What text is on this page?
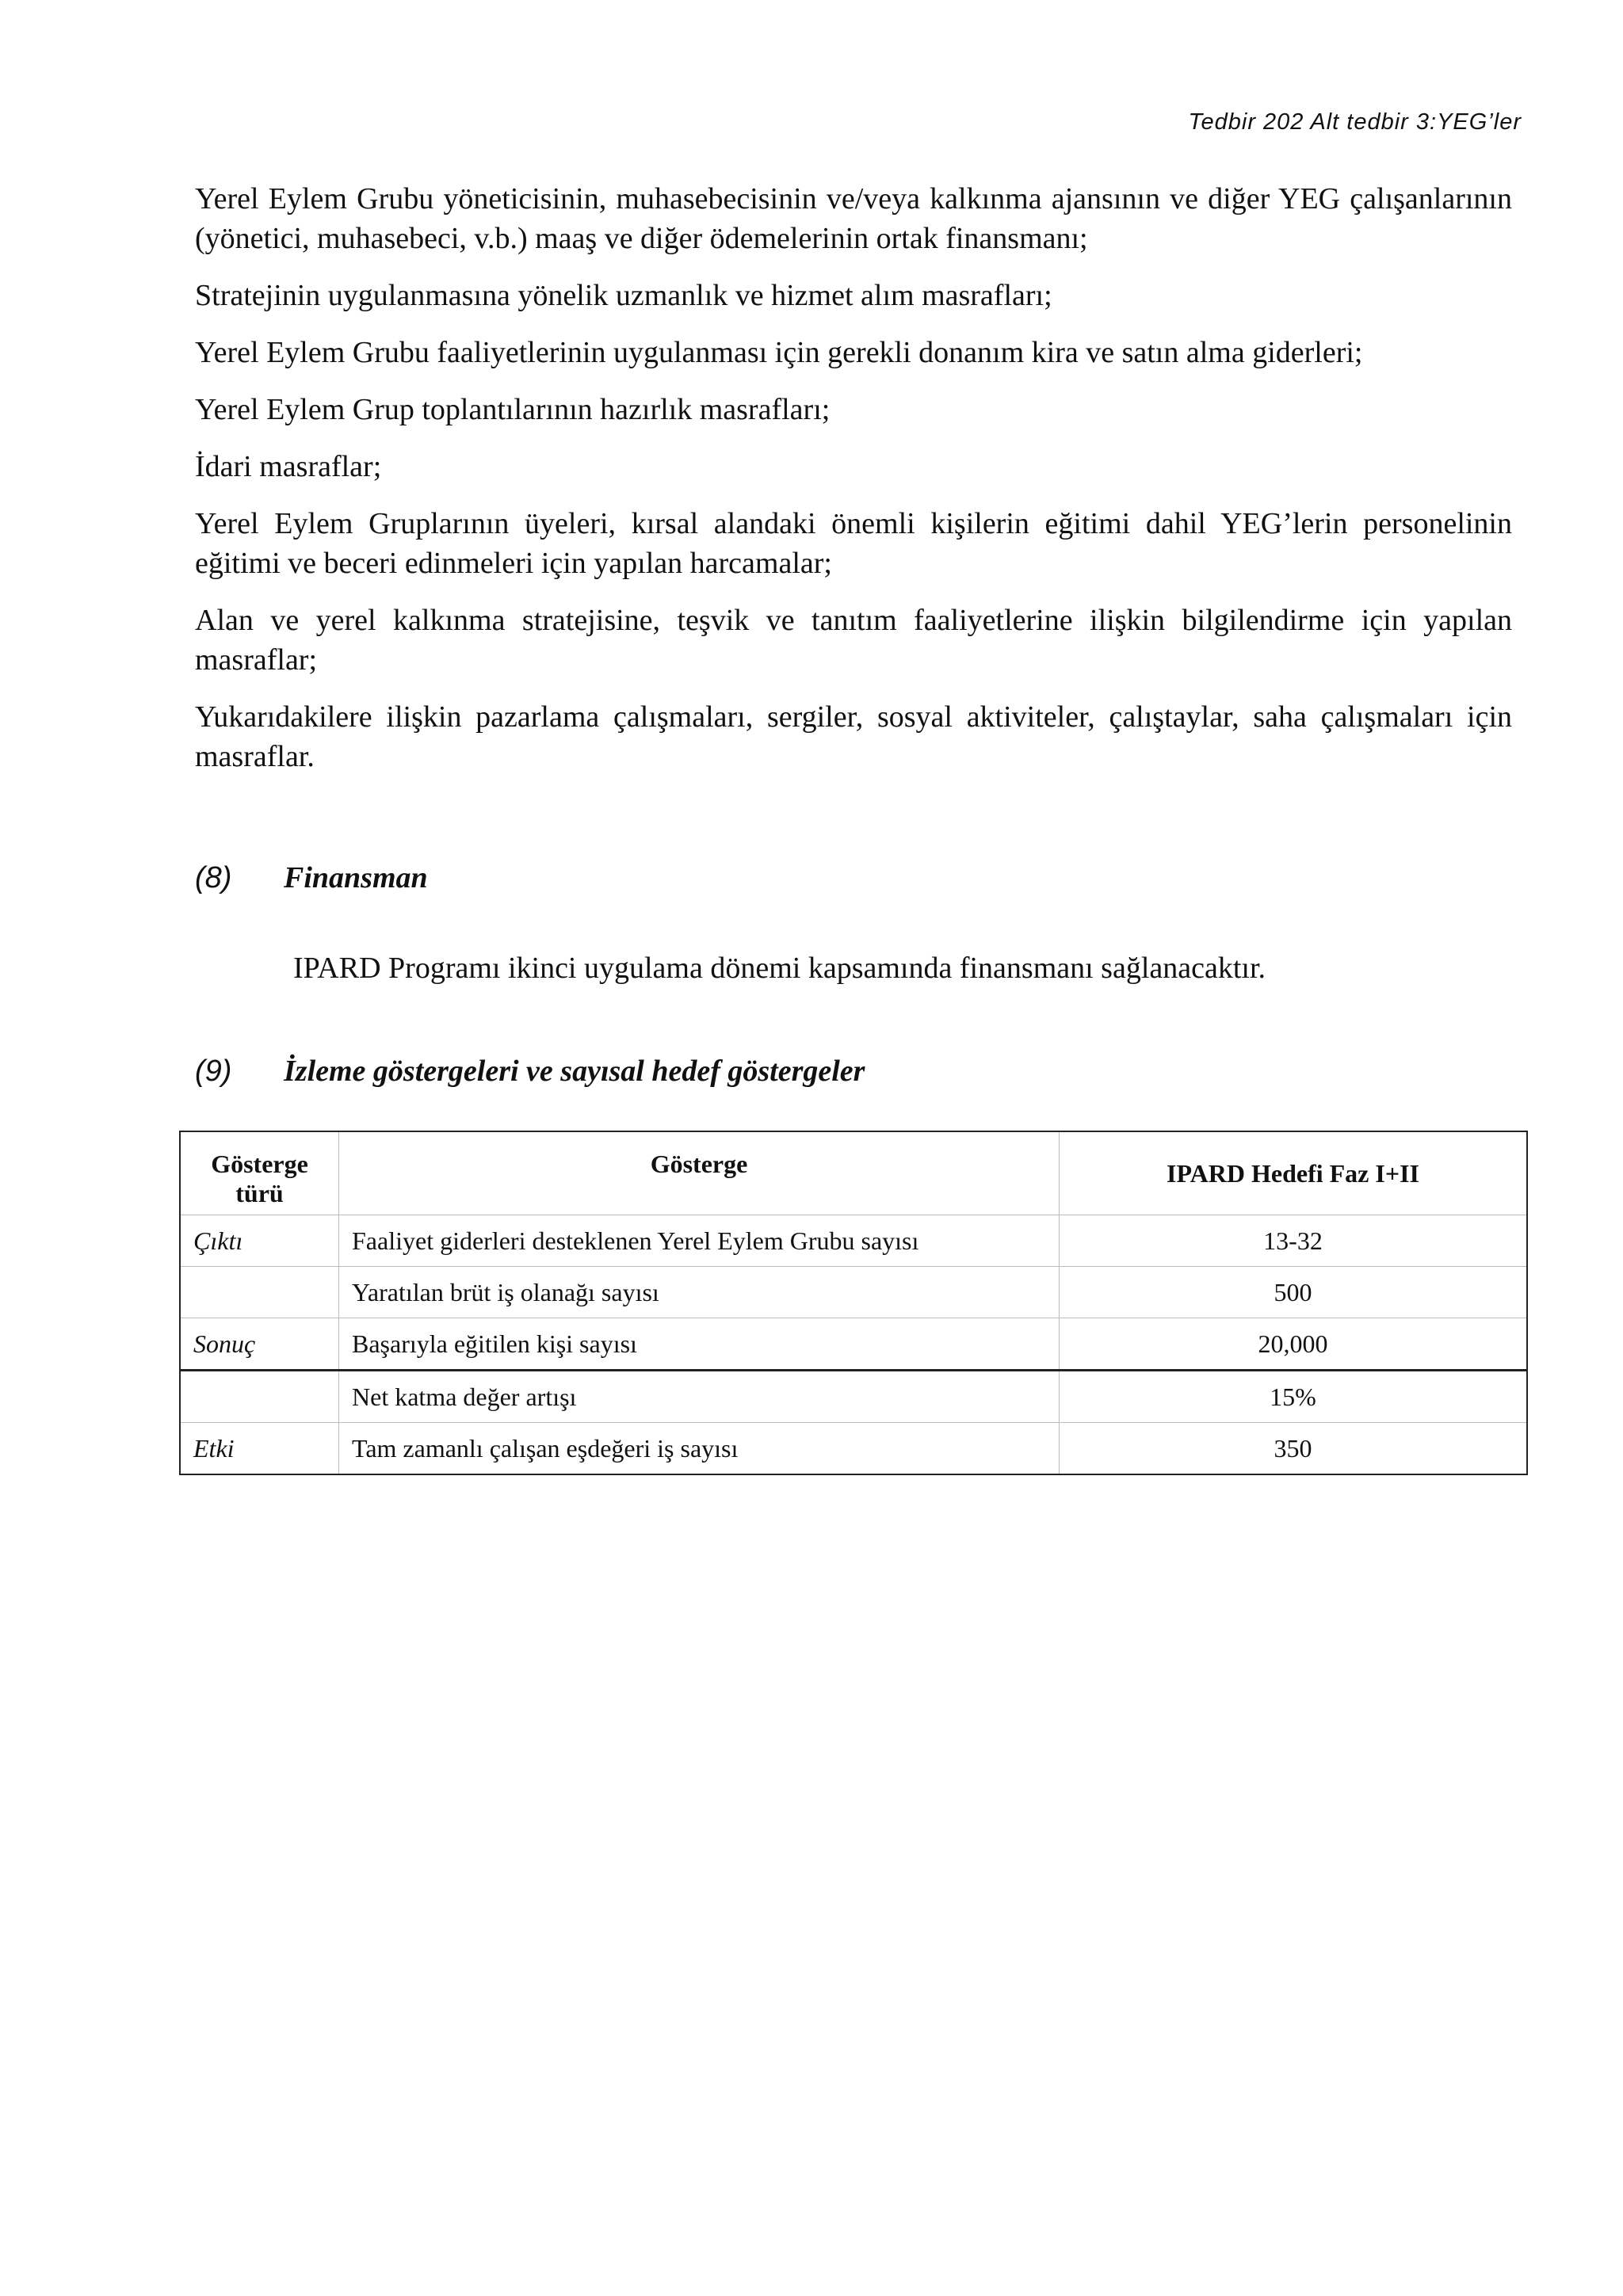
Tedbir 202 Alt tedbir 3:YEG’ler

Yerel Eylem Grubu yöneticisinin, muhasebecisinin ve/veya kalkınma ajansının ve diğer YEG çalışanlarının (yönetici, muhasebeci, v.b.) maaş ve diğer ödemelerinin ortak finansmanı;

Stratejinin uygulanmasına yönelik uzmanlık ve hizmet alım masrafları;

Yerel Eylem Grubu faaliyetlerinin uygulanması için gerekli donanım kira ve satın alma giderleri;

Yerel Eylem Grup toplantılarının hazırlık masrafları;

İdari masraflar;

Yerel Eylem Gruplarının üyeleri, kırsal alandaki önemli kişilerin eğitimi dahil YEG’lerin personelinin eğitimi ve beceri edinmeleri için yapılan harcamalar;

Alan ve yerel kalkınma stratejisine, teşvik ve tanıtım faaliyetlerine ilişkin bilgilendirme için yapılan masraflar;

Yukarıdakilere ilişkin pazarlama çalışmaları, sergiler, sosyal aktiviteler, çalıştaylar, saha çalışmaları için masraflar.

(8) Finansman
IPARD Programı ikinci uygulama dönemi kapsamında finansmanı sağlanacaktır.
(9) İzleme göstergeleri ve sayısal hedef göstergeler
Gösterge türü	Gösterge	IPARD Hedefi Faz I+II
Çıktı	Faaliyet giderleri desteklenen Yerel Eylem Grubu sayısı	13-32
	Yaratılan brüt iş olanağı sayısı	500
Sonuç	Başarıyla eğitilen kişi sayısı	20,000
	Net katma değer artışı	15%
Etki	Tam zamanlı çalışan eşdeğeri iş sayısı	350
